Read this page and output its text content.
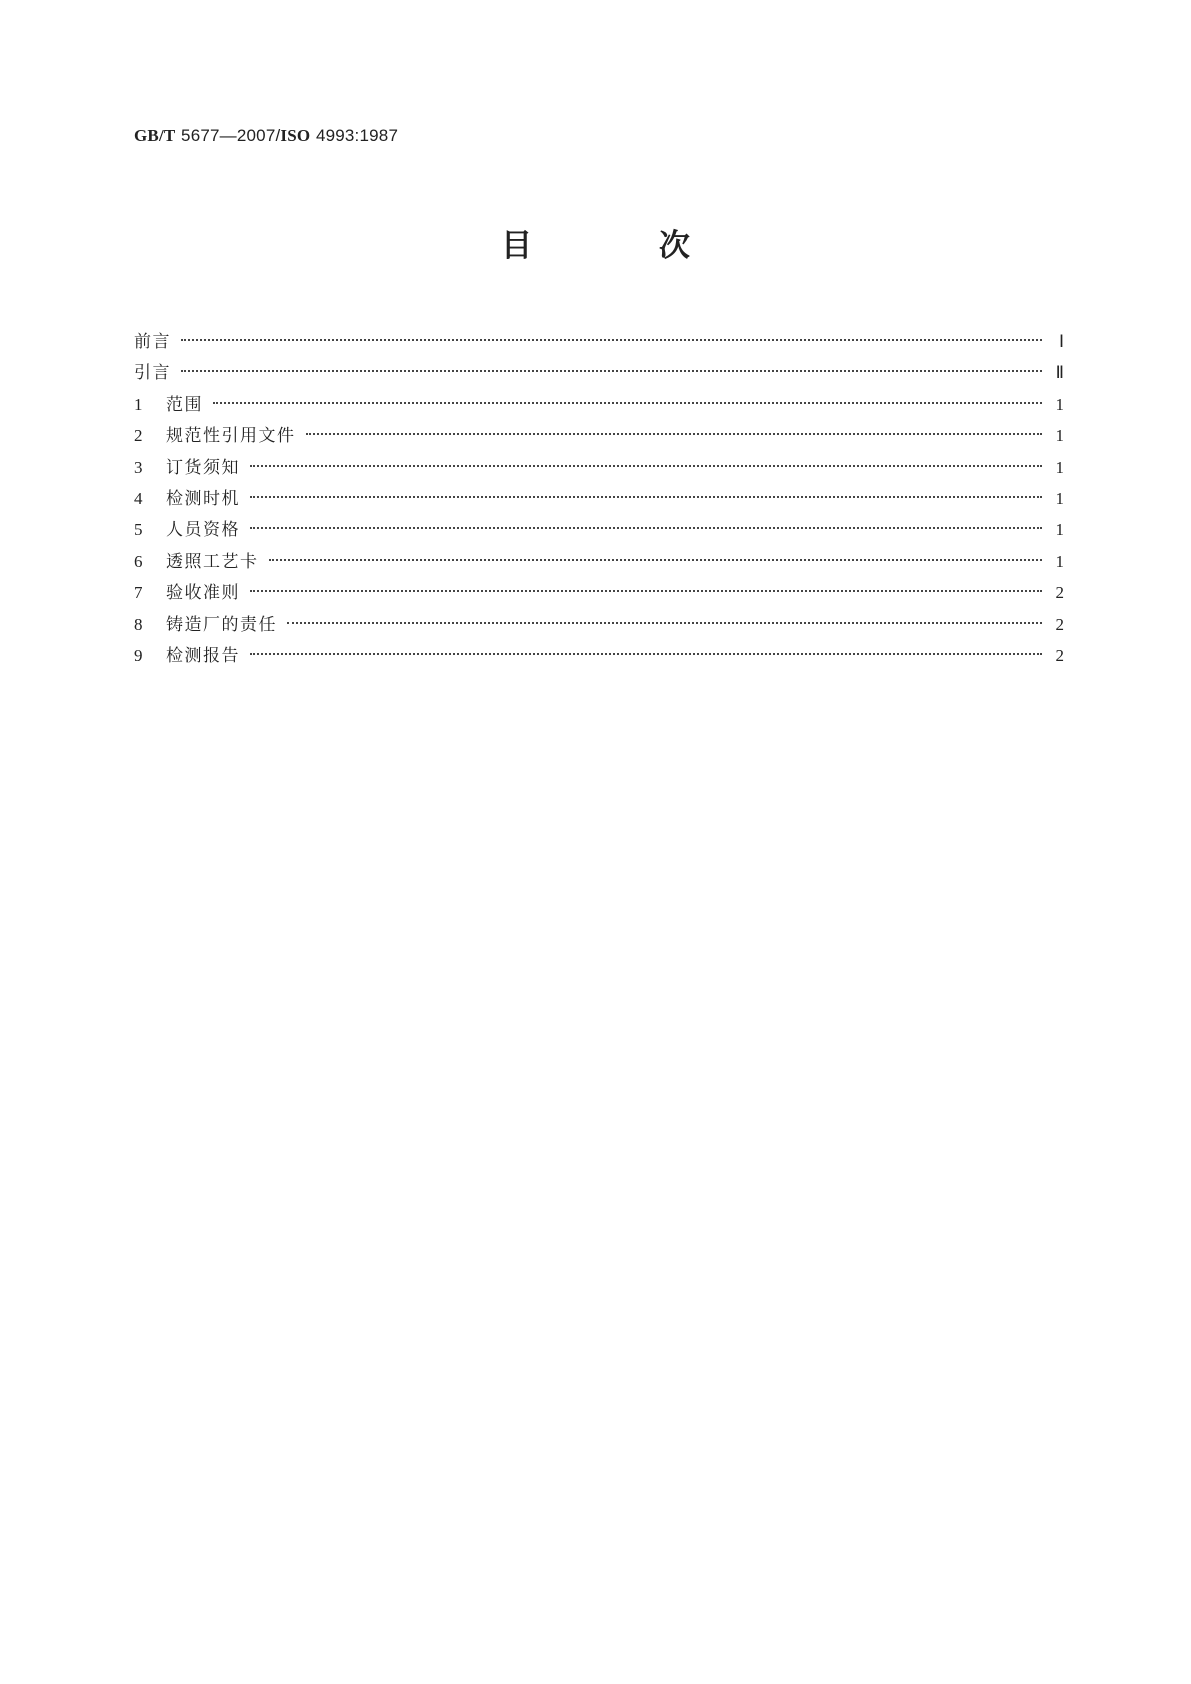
GB/T 5677—2007/ISO 4993:1987
目 次
前言	Ⅰ
引言	Ⅱ
1	范围	1
2	规范性引用文件	1
3	订货须知	1
4	检测时机	1
5	人员资格	1
6	透照工艺卡	1
7	验收准则	2
8	铸造厂的责任	2
9	检测报告	2
